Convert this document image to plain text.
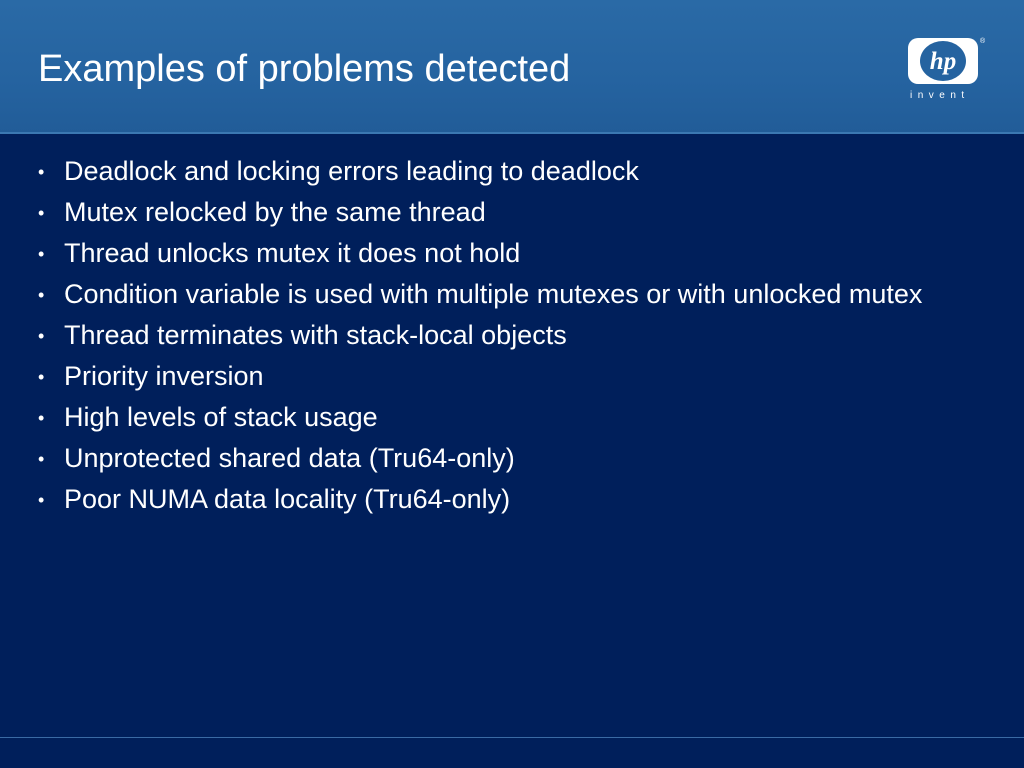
Examples of problems detected	hp
®
invent
• Deadlock and locking errors leading to deadlock
• Mutex relocked by the same thread
• Thread unlocks mutex it does not hold
• Condition variable is used with multiple mutexes or with unlocked mutex
• Thread terminates with stack-local objects
• Priority inversion
• High levels of stack usage
• Unprotected shared data (Tru64-only)
• Poor NUMA data locality (Tru64-only)
